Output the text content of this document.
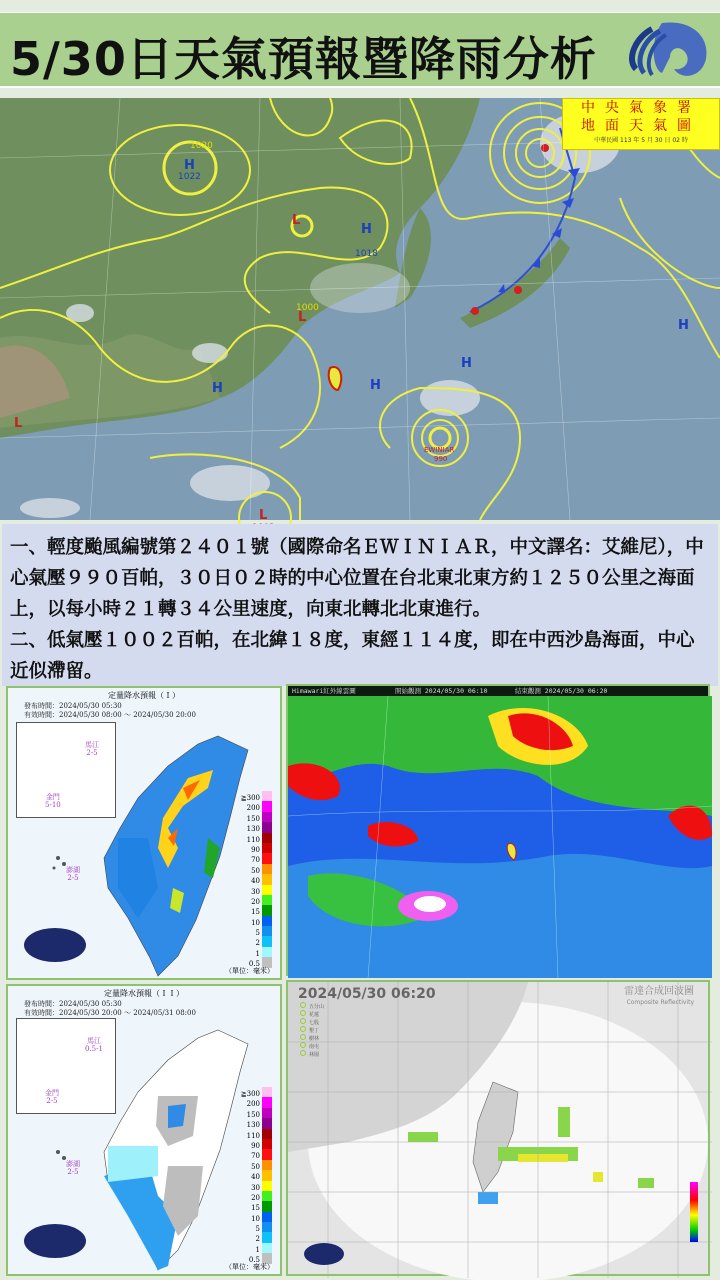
5/30日天氣預報暨降雨分析
H
1022
1020
H
1018
L
L
1000
H	H
H
L
EWINIAR
990
H
L
中央氣象署
地面天氣圖
中華民國 113 年 5 月 30 日 02 時
一、輕度颱風編號第２４０１號（國際命名ＥＷＩＮＩＡＲ，中文譯名：艾維尼），中心氣壓９９０百帕，３０日０２時的中心位置在台北東北東方約１２５０公里之海面上，以每小時２１轉３４公里速度，向東北轉北北東進行。
二、低氣壓１００２百帕，在北緯１８度，東經１１４度，即在中西沙島海面，中心近似滯留。
定量降水預報（Ｉ）
發布時間：2024/05/30 05:30
有效時間：2024/05/30 08:00 ～ 2024/05/30 20:00
馬江
2-5
金門
5-10
澎湖
2-5
≧300
200
150
130
110
90
70
50
40
30
20
15
10
5
2
1
0.5
（單位：毫米）
定量降水預報（ＩＩ）
發布時間：2024/05/30 05:30
有效時間：2024/05/30 20:00 ～ 2024/05/31 08:00
馬江
0.5-1
金門
2-5
澎湖
2-5
≧300
200
150
130
110
90
70
50
40
30
20
15
10
5
2
1
0.5
（單位：毫米）
Himawari紅外線雲圖	開始觀測 2024/05/30 06:10	結束觀測 2024/05/30 06:20
2024/05/30 06:20	雷達合成回波圖
Composite Reflectivity
五分山
花蓮
七股
墾丁
樹林
南屯
林園
